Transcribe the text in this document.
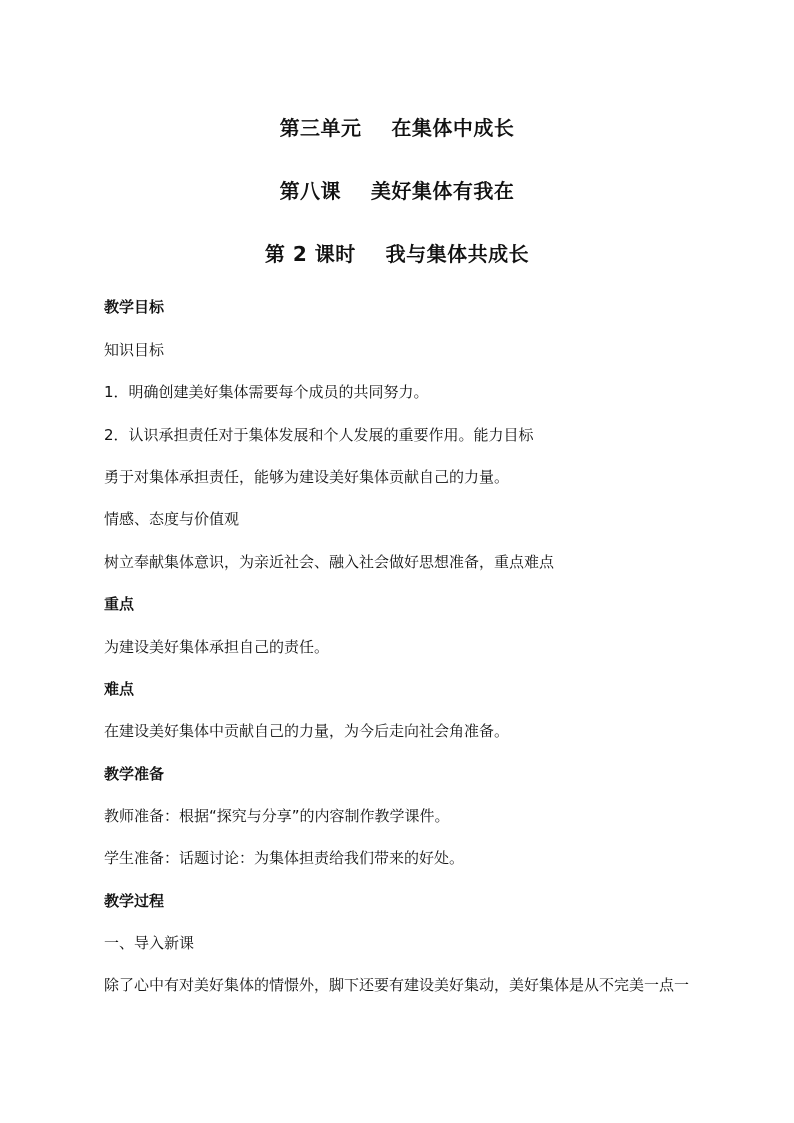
第三单元    在集体中成长
第八课    美好集体有我在
第 2 课时    我与集体共成长
教学目标
知识目标
1．明确创建美好集体需要每个成员的共同努力。
2．认识承担责任对于集体发展和个人发展的重要作用。能力目标
勇于对集体承担责任，能够为建设美好集体贡献自己的力量。
情感、态度与价值观
树立奉献集体意识，为亲近社会、融入社会做好思想准备，重点难点
重点
为建设美好集体承担自己的责任。
难点
在建设美好集体中贡献自己的力量，为今后走向社会角准备。
教学准备
教师准备：根据“探究与分享”的内容制作教学课件。
学生准备：话题讨论：为集体担责给我们带来的好处。
教学过程
一、导入新课
除了心中有对美好集体的情憬外，脚下还要有建设美好集动，美好集体是从不完美一点一
